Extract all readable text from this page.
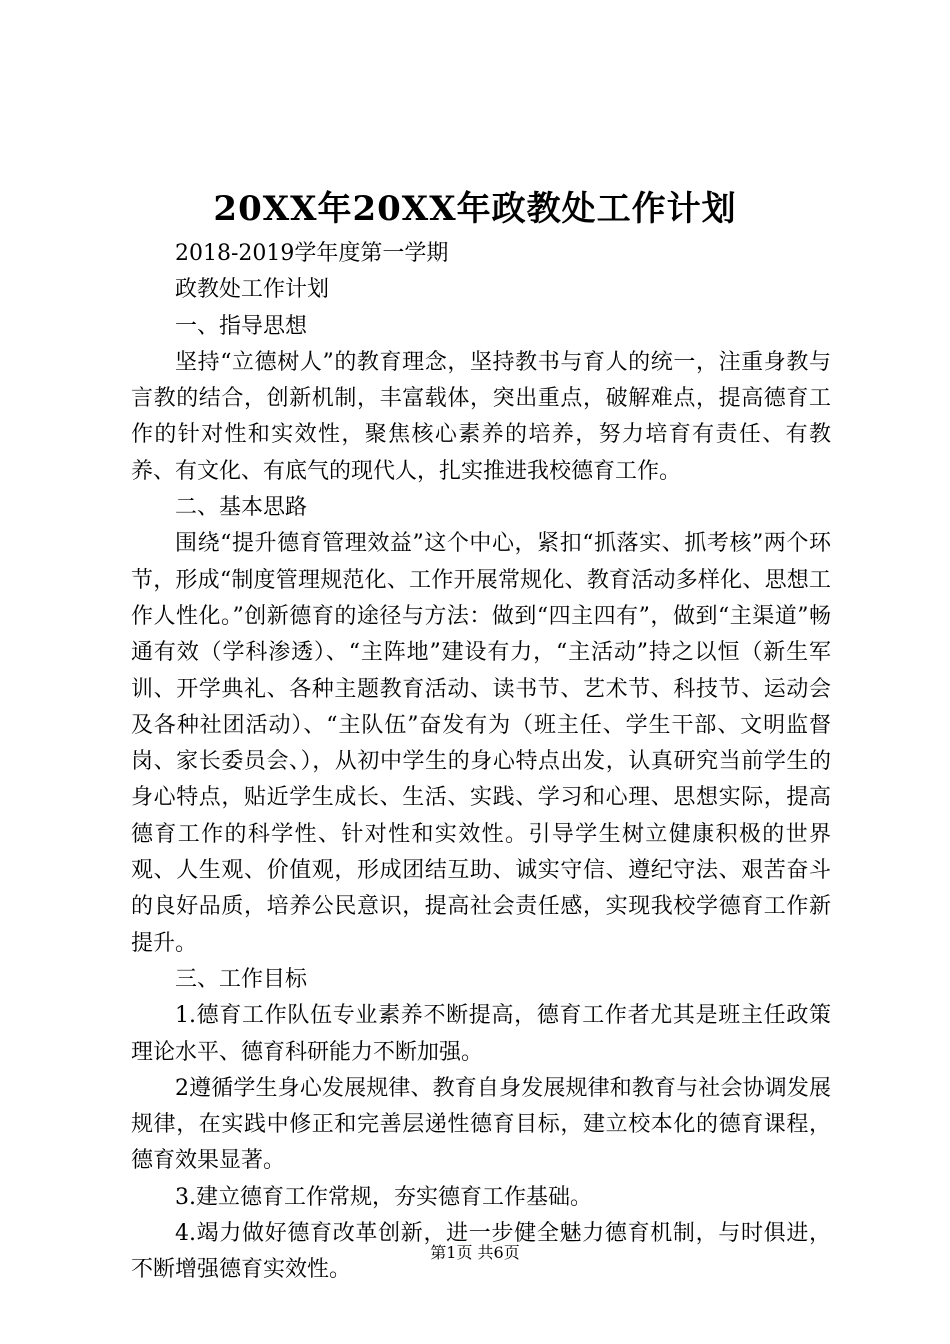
20XX年20XX年政教处工作计划

2018-2019学年度第一学期

政教处工作计划

一、指导思想

坚持“立德树人”的教育理念，坚持教书与育人的统一，注重身教与言教的结合，创新机制，丰富载体，突出重点，破解难点，提高德育工作的针对性和实效性，聚焦核心素养的培养，努力培育有责任、有教养、有文化、有底气的现代人，扎实推进我校德育工作。

二、基本思路

围绕“提升德育管理效益”这个中心，紧扣“抓落实、抓考核”两个环节，形成“制度管理规范化、工作开展常规化、教育活动多样化、思想工作人性化。”创新德育的途径与方法：做到“四主四有”，做到“主渠道”畅通有效（学科渗透）、“主阵地”建设有力，“主活动”持之以恒（新生军训、开学典礼、各种主题教育活动、读书节、艺术节、科技节、运动会及各种社团活动）、“主队伍”奋发有为（班主任、学生干部、文明监督岗、家长委员会、），从初中学生的身心特点出发，认真研究当前学生的身心特点，贴近学生成长、生活、实践、学习和心理、思想实际，提高德育工作的科学性、针对性和实效性。引导学生树立健康积极的世界观、人生观、价值观，形成团结互助、诚实守信、遵纪守法、艰苦奋斗的良好品质，培养公民意识，提高社会责任感，实现我校学德育工作新提升。

三、工作目标

1.德育工作队伍专业素养不断提高，德育工作者尤其是班主任政策理论水平、德育科研能力不断加强。

2遵循学生身心发展规律、教育自身发展规律和教育与社会协调发展规律，在实践中修正和完善层递性德育目标，建立校本化的德育课程，德育效果显著。

3.建立德育工作常规，夯实德育工作基础。

4.竭力做好德育改革创新，进一步健全魅力德育机制，与时俱进，不断增强德育实效性。

第1页 共6页
